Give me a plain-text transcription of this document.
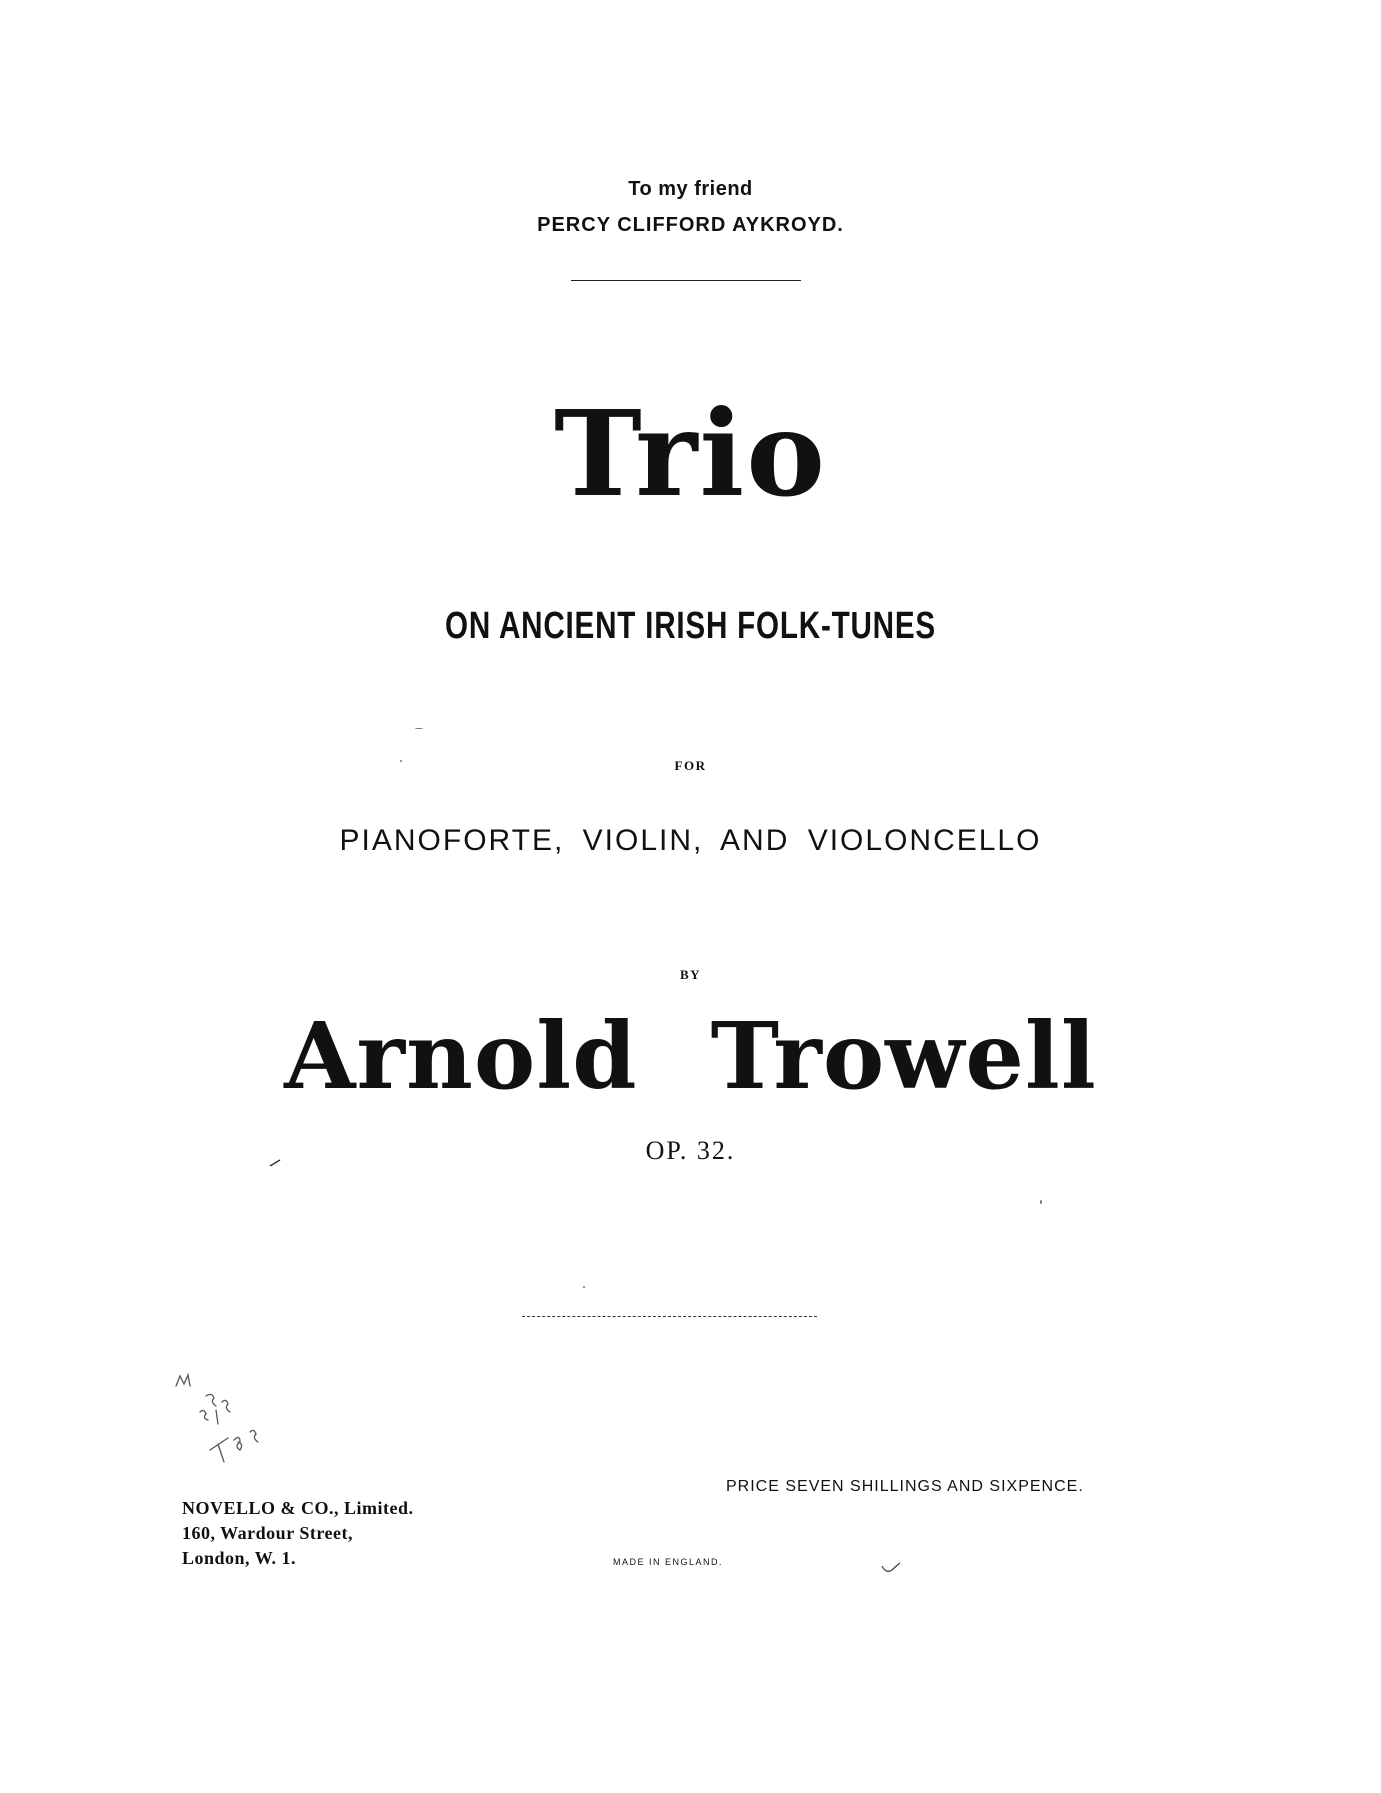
To my friend
PERCY CLIFFORD AYKROYD.
Trio
ON ANCIENT IRISH FOLK-TUNES
FOR
PIANOFORTE, VIOLIN, AND VIOLONCELLO
BY
Arnold Trowell
OP. 32.
NOVELLO & CO., Limited.
160, Wardour Street,
London, W. 1.
PRICE SEVEN SHILLINGS AND SIXPENCE.
MADE IN ENGLAND.
